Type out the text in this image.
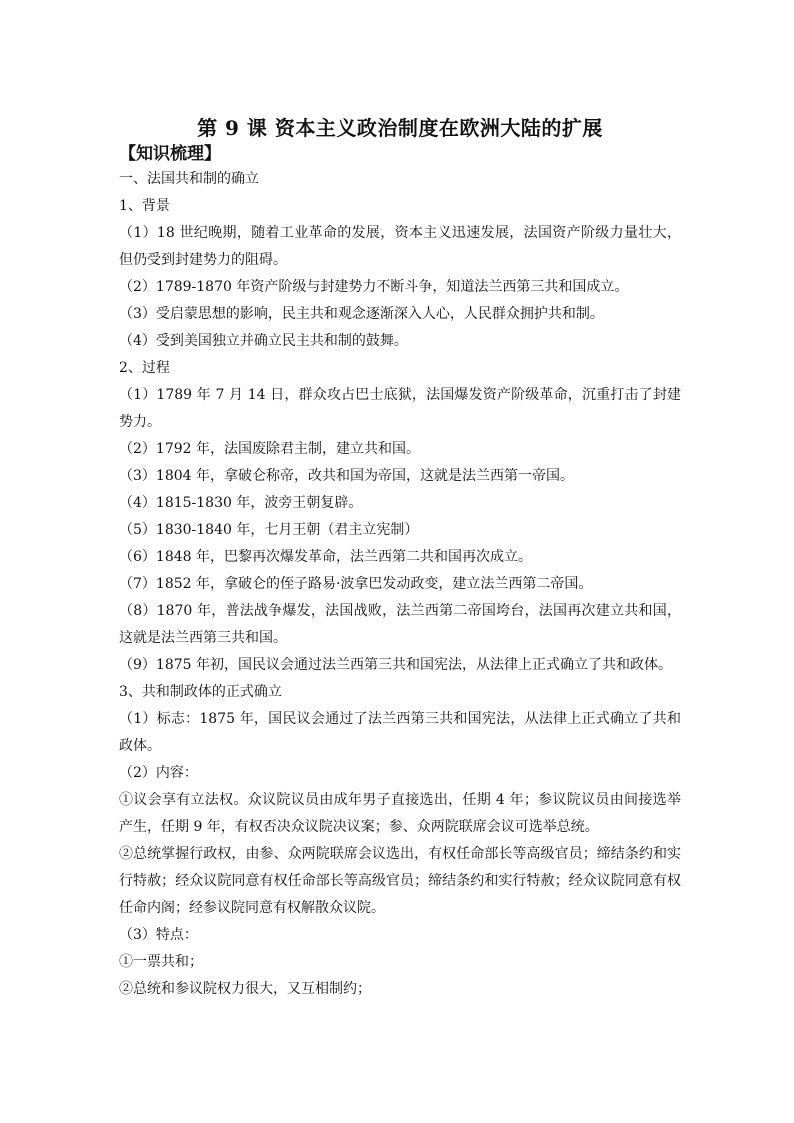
第 9 课 资本主义政治制度在欧洲大陆的扩展
【知识梳理】
一、法国共和制的确立
1、背景

（1）18 世纪晚期，随着工业革命的发展，资本主义迅速发展，法国资产阶级力量壮大，但仍受到封建势力的阻碍。

（2）1789-1870 年资产阶级与封建势力不断斗争，知道法兰西第三共和国成立。

（3）受启蒙思想的影响，民主共和观念逐渐深入人心，人民群众拥护共和制。

（4）受到美国独立并确立民主共和制的鼓舞。

2、过程

（1）1789 年 7 月 14 日，群众攻占巴士底狱，法国爆发资产阶级革命，沉重打击了封建势力。

（2）1792 年，法国废除君主制，建立共和国。

（3）1804 年，拿破仑称帝，改共和国为帝国，这就是法兰西第一帝国。

（4）1815-1830 年，波旁王朝复辟。

（5）1830-1840 年，七月王朝（君主立宪制）

（6）1848 年，巴黎再次爆发革命，法兰西第二共和国再次成立。

（7）1852 年，拿破仑的侄子路易·波拿巴发动政变，建立法兰西第二帝国。

（8）1870 年，普法战争爆发，法国战败，法兰西第二帝国垮台，法国再次建立共和国，这就是法兰西第三共和国。

（9）1875 年初，国民议会通过法兰西第三共和国宪法，从法律上正式确立了共和政体。

3、共和制政体的正式确立

（1）标志：1875 年，国民议会通过了法兰西第三共和国宪法，从法律上正式确立了共和政体。

（2）内容：

①议会享有立法权。众议院议员由成年男子直接选出，任期 4 年；参议院议员由间接选举产生，任期 9 年，有权否决众议院决议案；参、众两院联席会议可选举总统。

②总统掌握行政权，由参、众两院联席会议选出，有权任命部长等高级官员；缔结条约和实行特赦；经众议院同意有权任命部长等高级官员；缔结条约和实行特赦；经众议院同意有权任命内阁；经参议院同意有权解散众议院。

（3）特点：

①一票共和；

②总统和参议院权力很大，又互相制约；
